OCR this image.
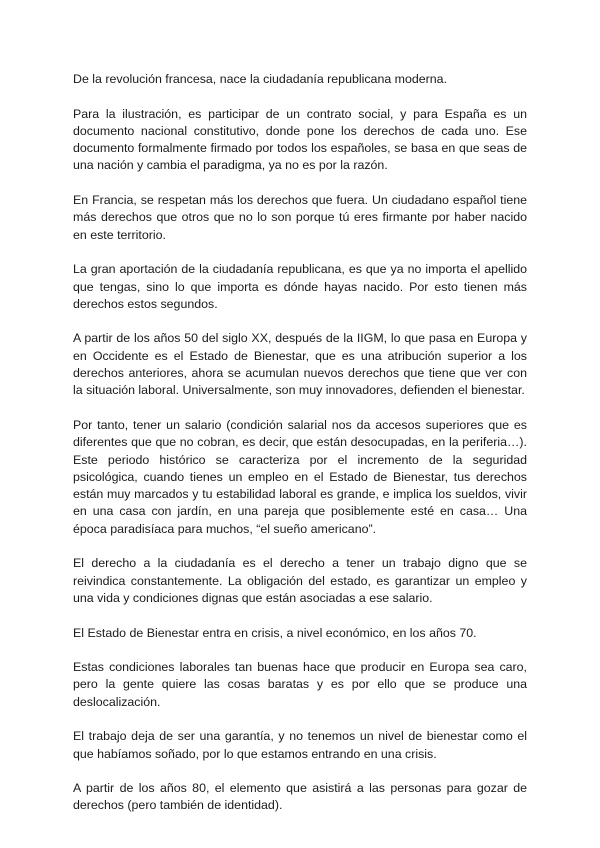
De la revolución francesa, nace la ciudadanía republicana moderna.

Para la ilustración, es participar de un contrato social, y para España es un documento nacional constitutivo, donde pone los derechos de cada uno. Ese documento formalmente firmado por todos los españoles, se basa en que seas de una nación y cambia el paradigma, ya no es por la razón.

En Francia, se respetan más los derechos que fuera. Un ciudadano español tiene más derechos que otros que no lo son porque tú eres firmante por haber nacido en este territorio.

La gran aportación de la ciudadanía republicana, es que ya no importa el apellido que tengas, sino lo que importa es dónde hayas nacido. Por esto tienen más derechos estos segundos.

A partir de los años 50 del siglo XX, después de la IIGM, lo que pasa en Europa y en Occidente es el Estado de Bienestar, que es una atribución superior a los derechos anteriores, ahora se acumulan nuevos derechos que tiene que ver con la situación laboral. Universalmente, son muy innovadores, defienden el bienestar.

Por tanto, tener un salario (condición salarial nos da accesos superiores que es diferentes que que no cobran, es decir, que están desocupadas, en la periferia…). Este periodo histórico se caracteriza por el incremento de la seguridad psicológica, cuando tienes un empleo en el Estado de Bienestar, tus derechos están muy marcados y tu estabilidad laboral es grande, e implica los sueldos, vivir en una casa con jardín, en una pareja que posiblemente esté en casa… Una época paradisíaca para muchos, “el sueño americano”.

El derecho a la ciudadanía es el derecho a tener un trabajo digno que se reivindica constantemente. La obligación del estado, es garantizar un empleo y una vida y condiciones dignas que están asociadas a ese salario.

El Estado de Bienestar entra en crisis, a nivel económico, en los años 70.

Estas condiciones laborales tan buenas hace que producir en Europa sea caro, pero la gente quiere las cosas baratas y es por ello que se produce una deslocalización.

El trabajo deja de ser una garantía, y no tenemos un nivel de bienestar como el que habíamos soñado, por lo que estamos entrando en una crisis.

A partir de los años 80, el elemento que asistirá a las personas para gozar de derechos (pero también de identidad).
